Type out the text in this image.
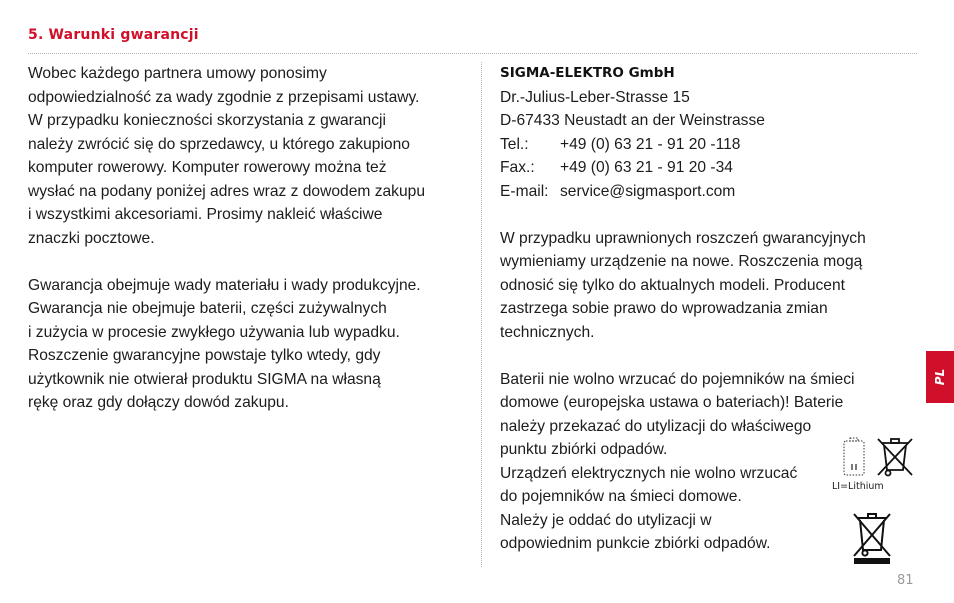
5. Warunki gwarancji

Wobec każdego partnera umowy ponosimy
odpowiedzialność za wady zgodnie z przepisami ustawy.
W przypadku konieczności skorzystania z gwarancji
należy zwrócić się do sprzedawcy, u którego zakupiono
komputer rowerowy. Komputer rowerowy można też
wysłać na podany poniżej adres wraz z dowodem zakupu
i wszystkimi akcesoriami. Prosimy nakleić właściwe
znaczki pocztowe.

Gwarancja obejmuje wady materiału i wady produkcyjne.
Gwarancja nie obejmuje baterii, części zużywalnych
i zużycia w procesie zwykłego używania lub wypadku.
Roszczenie gwarancyjne powstaje tylko wtedy, gdy
użytkownik nie otwierał produktu SIGMA na własną
rękę oraz gdy dołączy dowód zakupu.

SIGMA-ELEKTRO GmbH
Dr.-Julius-Leber-Strasse 15
D-67433 Neustadt an der Weinstrasse
Tel.:	+49 (0) 63 21 - 91 20 -118
Fax.:	+49 (0) 63 21 - 91 20 -34
E-mail: service@sigmasport.com

W przypadku uprawnionych roszczeń gwarancyjnych
wymieniamy urządzenie na nowe. Roszczenia mogą
odnosić się tylko do aktualnych modeli. Producent
zastrzega sobie prawo do wprowadzania zmian
technicznych.

Baterii nie wolno wrzucać do pojemników na śmieci
domowe (europejska ustawa o bateriach)! Baterie
należy przekazać do utylizacji do właściwego
punktu zbiórki odpadów.
Urządzeń elektrycznych nie wolno wrzucać
do pojemników na śmieci domowe.
Należy je oddać do utylizacji w
odpowiednim punkcie zbiórki odpadów.

LI=Lithium
PL
81
